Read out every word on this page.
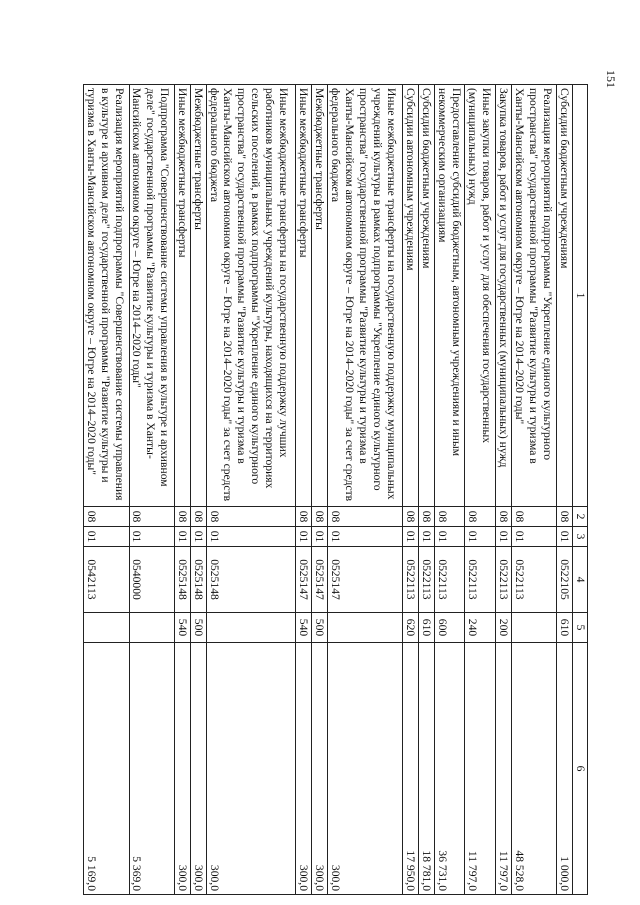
151
1	2	3	4	5	6
Субсидии бюджетным учреждениям	08	01	0522105	610	1 000,0
Реализация мероприятий подпрограммы "Укрепление единого культурного пространства" государственной программы "Развитие культуры и туризма в Ханты-Мансийском автономном округе – Югре на 2014–2020 годы"	08	01	0522113		48 528,0
Закупка товаров, работ и услуг для государственных (муниципальных) нужд	08	01	0522113	200	11 797,0
Иные закупки товаров, работ и услуг для обеспечения государственных (муниципальных) нужд	08	01	0522113	240	11 797,0
Предоставление субсидий бюджетным, автономным учреждениям и иным некоммерческим организациям	08	01	0522113	600	36 731,0
Субсидии бюджетным учреждениям	08	01	0522113	610	18 781,0
Субсидии автономным учреждениям	08	01	0522113	620	17 950,0
Иные межбюджетные трансферты на государственную поддержку муниципальных учреждений культуры в рамках подпрограммы "Укрепление единого культурного пространства" государственной программы "Развитие культуры и туризма в Ханты-Мансийском автономном округе – Югре на 2014–2020 годы" за счет средств федерального бюджета	08	01	0525147		300,0
Межбюджетные трансферты	08	01	0525147	500	300,0
Иные межбюджетные трансферты	08	01	0525147	540	300,0
Иные межбюджетные трансферты на государственную поддержку лучших работников муниципальных учреждений культуры, находящихся на территориях сельских поселений, в рамках подпрограммы "Укрепление единого культурного пространства" государственной программы "Развитие культуры и туризма в Ханты-Мансийском автономном округе – Югре на 2014–2020 годы" за счет средств федерального бюджета	08	01	0525148		300,0
Межбюджетные трансферты	08	01	0525148	500	300,0
Иные межбюджетные трансферты	08	01	0525148	540	300,0
Подпрограмма "Совершенствование системы управления в культуре и архивном деле" государственной программы "Развитие культуры и туризма в Ханты-Мансийском автономном округе – Югре на 2014–2020 годы"	08	01	0540000		5 369,0
Реализация мероприятий подпрограммы "Совершенствование системы управления в культуре и архивном деле" государственной программы "Развитие культуры и туризма в Ханты-Мансийском автономном округе – Югре на 2014–2020 годы"	08	01	0542113		5 169,0
